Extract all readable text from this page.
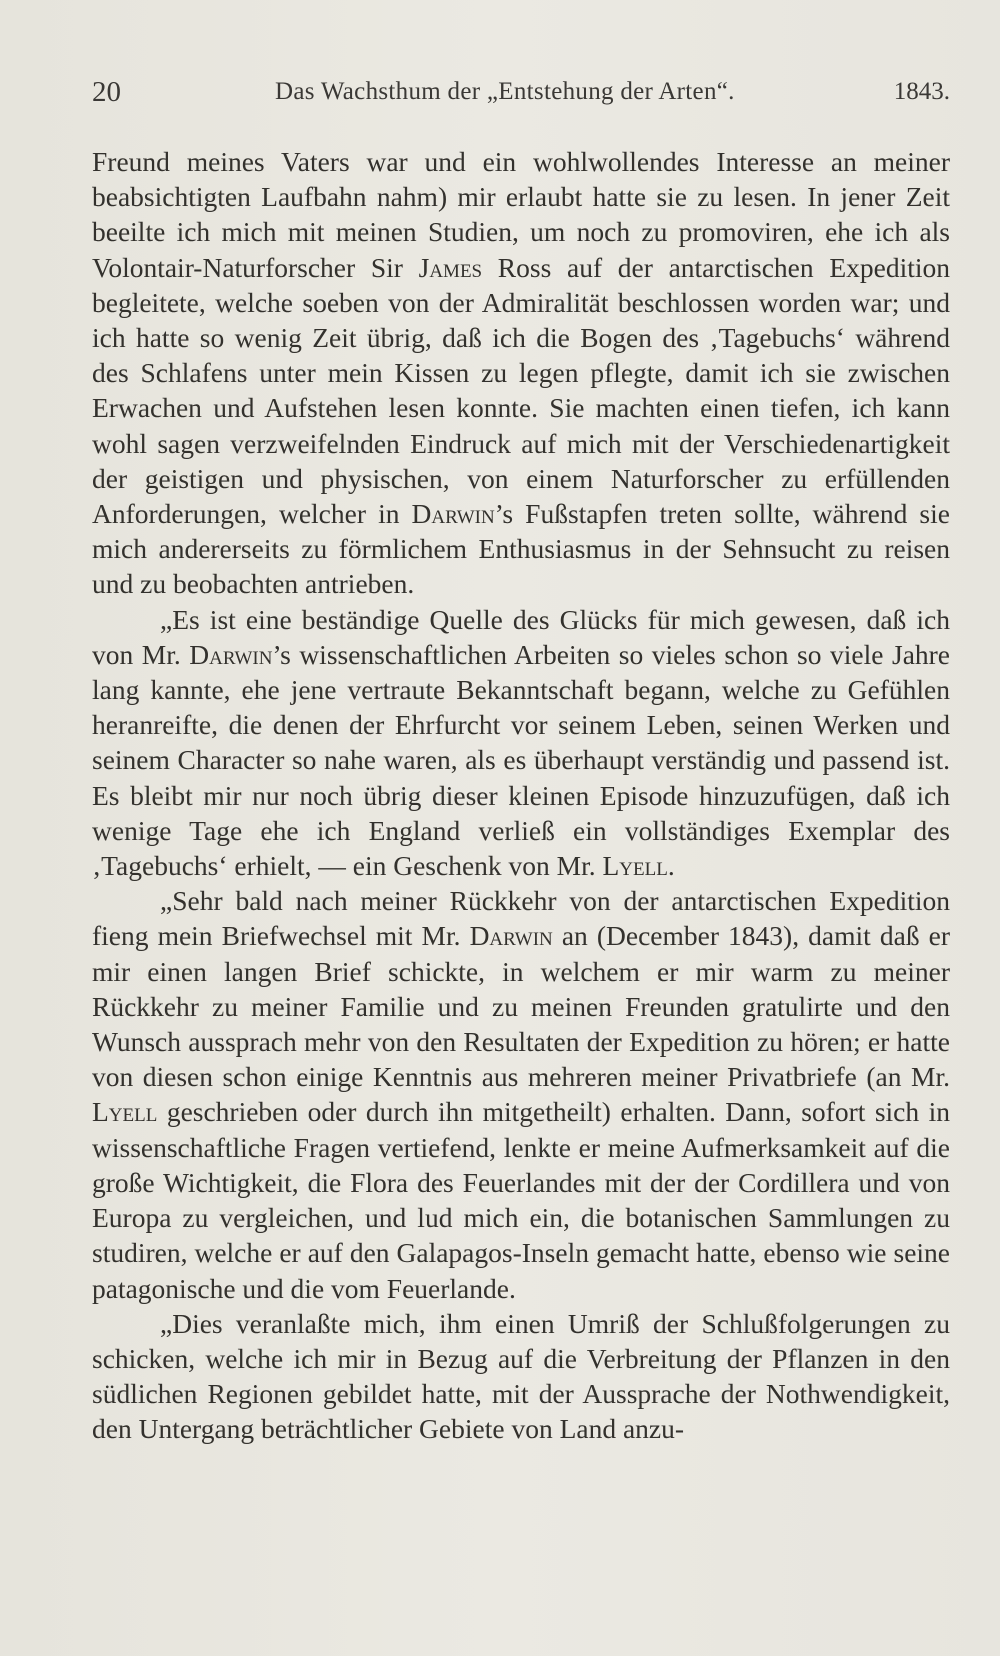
20	Das Wachsthum der „Entstehung der Arten“.	1843.

Freund meines Vaters war und ein wohlwollendes Interesse an meiner beabsichtigten Laufbahn nahm) mir erlaubt hatte sie zu lesen. In jener Zeit beeilte ich mich mit meinen Studien, um noch zu promoviren, ehe ich als Volontair-Naturforscher Sir James Ross auf der antarctischen Expedition begleitete, welche soeben von der Admiralität beschlossen worden war; und ich hatte so wenig Zeit übrig, daß ich die Bogen des ‚Tagebuchs‘ während des Schlafens unter mein Kissen zu legen pflegte, damit ich sie zwischen Erwachen und Aufstehen lesen konnte. Sie machten einen tiefen, ich kann wohl sagen verzweifelnden Eindruck auf mich mit der Verschiedenartigkeit der geistigen und physischen, von einem Naturforscher zu erfüllenden Anforderungen, welcher in Darwin’s Fußstapfen treten sollte, während sie mich andererseits zu förmlichem Enthusiasmus in der Sehnsucht zu reisen und zu beobachten antrieben.

„Es ist eine beständige Quelle des Glücks für mich gewesen, daß ich von Mr. Darwin’s wissenschaftlichen Arbeiten so vieles schon so viele Jahre lang kannte, ehe jene vertraute Bekanntschaft begann, welche zu Gefühlen heranreifte, die denen der Ehrfurcht vor seinem Leben, seinen Werken und seinem Character so nahe waren, als es überhaupt verständig und passend ist. Es bleibt mir nur noch übrig dieser kleinen Episode hinzuzufügen, daß ich wenige Tage ehe ich England verließ ein vollständiges Exemplar des ‚Tagebuchs‘ erhielt, — ein Geschenk von Mr. Lyell.

„Sehr bald nach meiner Rückkehr von der antarctischen Expedition fieng mein Briefwechsel mit Mr. Darwin an (December 1843), damit daß er mir einen langen Brief schickte, in welchem er mir warm zu meiner Rückkehr zu meiner Familie und zu meinen Freunden gratulirte und den Wunsch aussprach mehr von den Resultaten der Expedition zu hören; er hatte von diesen schon einige Kenntnis aus mehreren meiner Privatbriefe (an Mr. Lyell geschrieben oder durch ihn mitgetheilt) erhalten. Dann, sofort sich in wissenschaftliche Fragen vertiefend, lenkte er meine Aufmerksamkeit auf die große Wichtigkeit, die Flora des Feuerlandes mit der der Cordillera und von Europa zu vergleichen, und lud mich ein, die botanischen Sammlungen zu studiren, welche er auf den Galapagos-Inseln gemacht hatte, ebenso wie seine patagonische und die vom Feuerlande.

„Dies veranlaßte mich, ihm einen Umriß der Schlußfolgerungen zu schicken, welche ich mir in Bezug auf die Verbreitung der Pflanzen in den südlichen Regionen gebildet hatte, mit der Aussprache der Nothwendigkeit, den Untergang beträchtlicher Gebiete von Land anzu-
